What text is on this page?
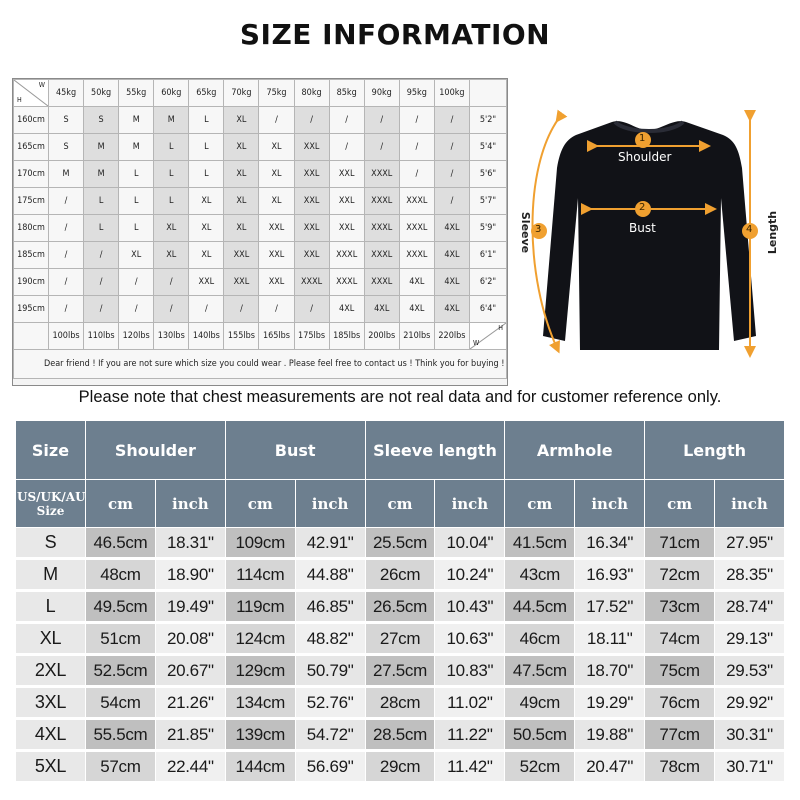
SIZE INFORMATION
H
W	45kg	50kg	55kg	60kg	65kg	70kg	75kg	80kg	85kg	90kg	95kg	100kg	
160cm	S	S	M	M	L	XL	/	/	/	/	/	/	5'2"
165cm	S	M	M	L	L	XL	XL	XXL	/	/	/	/	5'4"
170cm	M	M	L	L	L	XL	XL	XXL	XXL	XXXL	/	/	5'6"
175cm	/	L	L	L	XL	XL	XL	XXL	XXL	XXXL	XXXL	/	5'7"
180cm	/	L	L	XL	XL	XL	XXL	XXL	XXL	XXXL	XXXL	4XL	5'9"
185cm	/	/	XL	XL	XL	XXL	XXL	XXL	XXXL	XXXL	XXXL	4XL	6'1"
190cm	/	/	/	/	XXL	XXL	XXL	XXXL	XXXL	XXXL	4XL	4XL	6'2"
195cm	/	/	/	/	/	/	/	/	4XL	4XL	4XL	4XL	6'4"
	100lbs	110lbs	120lbs	130lbs	140lbs	155lbs	165lbs	175lbs	185lbs	200lbs	210lbs	220lbs	H
W

Dear friend ! If you are not sure which size you could wear . Please feel free to contact us ! Think you for buying !													
1
2
3	4
Shoulder
Bust
Sleeve	Length
Please note that chest measurements are not real data and for customer reference only.
Size	Shoulder		Bust		Sleeve length		Armhole		Length	
US/UK/AU Size	cm	inch	cm	inch	cm	inch	cm	inch	cm	inch
S	46.5cm	18.31"	109cm	42.91"	25.5cm	10.04"	41.5cm	16.34"	71cm	27.95"
M	48cm	18.90"	114cm	44.88"	26cm	10.24"	43cm	16.93"	72cm	28.35"
L	49.5cm	19.49"	119cm	46.85"	26.5cm	10.43"	44.5cm	17.52"	73cm	28.74"
XL	51cm	20.08"	124cm	48.82"	27cm	10.63"	46cm	18.11"	74cm	29.13"
2XL	52.5cm	20.67"	129cm	50.79"	27.5cm	10.83"	47.5cm	18.70"	75cm	29.53"
3XL	54cm	21.26"	134cm	52.76"	28cm	11.02"	49cm	19.29"	76cm	29.92"
4XL	55.5cm	21.85"	139cm	54.72"	28.5cm	11.22"	50.5cm	19.88"	77cm	30.31"
5XL	57cm	22.44"	144cm	56.69"	29cm	11.42"	52cm	20.47"	78cm	30.71"
